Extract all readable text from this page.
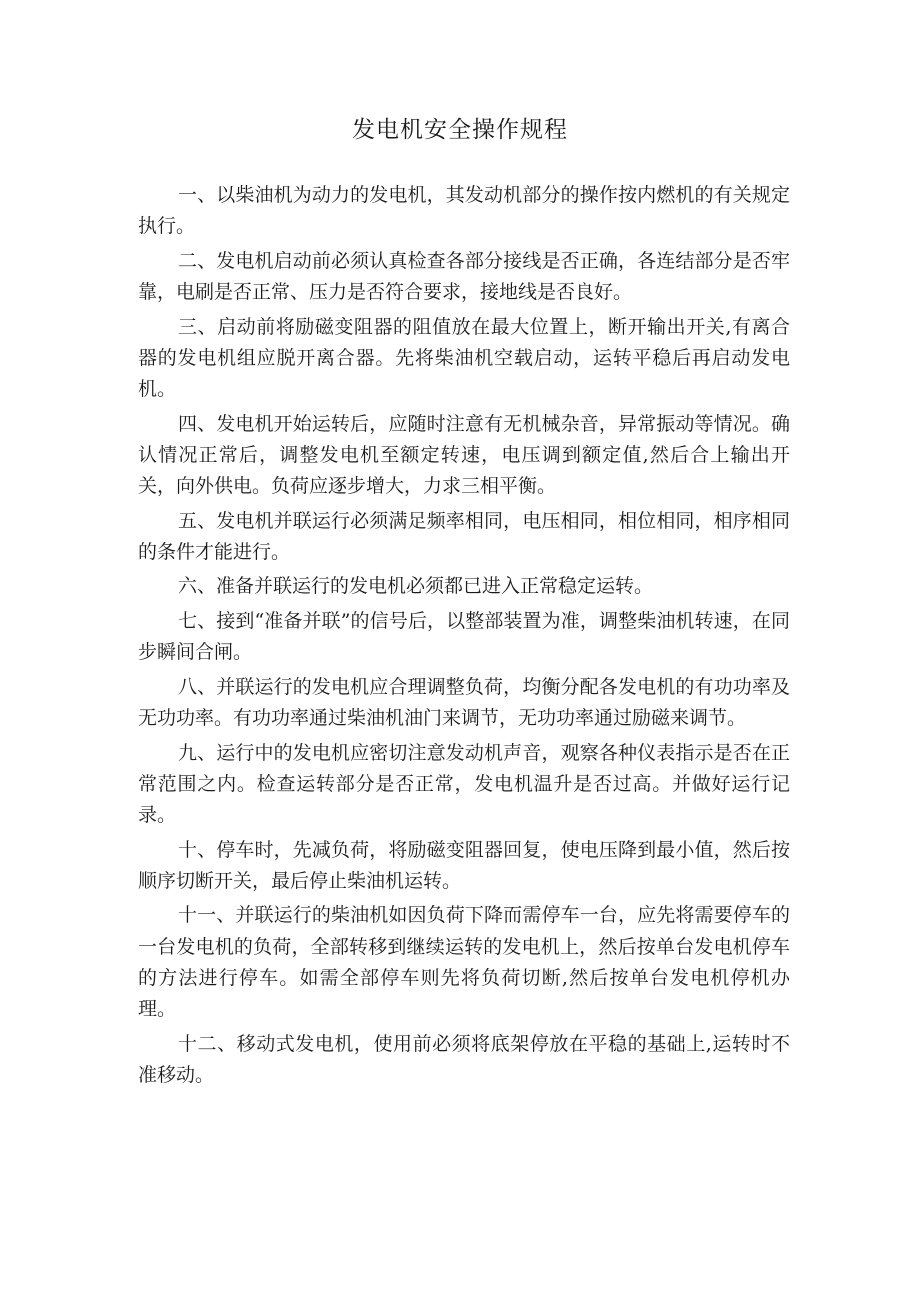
发电机安全操作规程

一、以柴油机为动力的发电机，其发动机部分的操作按内燃机的有关规定执行。

二、发电机启动前必须认真检查各部分接线是否正确，各连结部分是否牢靠，电刷是否正常、压力是否符合要求，接地线是否良好。

三、启动前将励磁变阻器的阻值放在最大位置上，断开输出开关,有离合器的发电机组应脱开离合器。先将柴油机空载启动，运转平稳后再启动发电机。

四、发电机开始运转后，应随时注意有无机械杂音，异常振动等情况。确认情况正常后，调整发电机至额定转速，电压调到额定值,然后合上输出开关，向外供电。负荷应逐步增大，力求三相平衡。

五、发电机并联运行必须满足频率相同，电压相同，相位相同，相序相同的条件才能进行。

六、准备并联运行的发电机必须都已进入正常稳定运转。

七、接到“准备并联”的信号后，以整部装置为准，调整柴油机转速，在同步瞬间合闸。

八、并联运行的发电机应合理调整负荷，均衡分配各发电机的有功功率及无功功率。有功功率通过柴油机油门来调节，无功功率通过励磁来调节。

九、运行中的发电机应密切注意发动机声音，观察各种仪表指示是否在正常范围之内。检查运转部分是否正常，发电机温升是否过高。并做好运行记录。

十、停车时，先减负荷，将励磁变阻器回复，使电压降到最小值，然后按顺序切断开关，最后停止柴油机运转。

十一、并联运行的柴油机如因负荷下降而需停车一台，应先将需要停车的一台发电机的负荷，全部转移到继续运转的发电机上，然后按单台发电机停车的方法进行停车。如需全部停车则先将负荷切断,然后按单台发电机停机办理。

十二、移动式发电机，使用前必须将底架停放在平稳的基础上,运转时不准移动。
